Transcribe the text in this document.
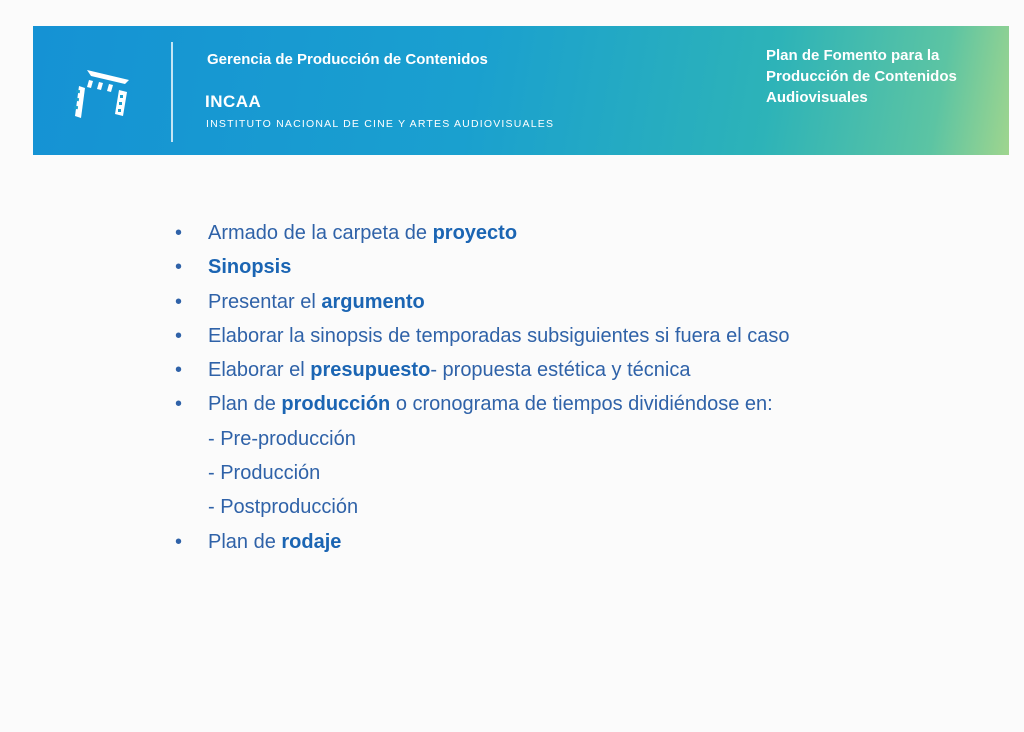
Gerencia de Producción de Contenidos
INCAA
INSTITUTO NACIONAL DE CINE Y ARTES AUDIOVISUALES
Plan de Fomento para la Producción de Contenidos Audiovisuales
• Armado de la carpeta de proyecto
• Sinopsis
• Presentar el argumento
• Elaborar la sinopsis de temporadas subsiguientes si fuera el caso
• Elaborar el presupuesto- propuesta estética y técnica
• Plan de producción o cronograma de tiempos dividiéndose en:
- Pre-producción
- Producción
- Postproducción
• Plan de rodaje
